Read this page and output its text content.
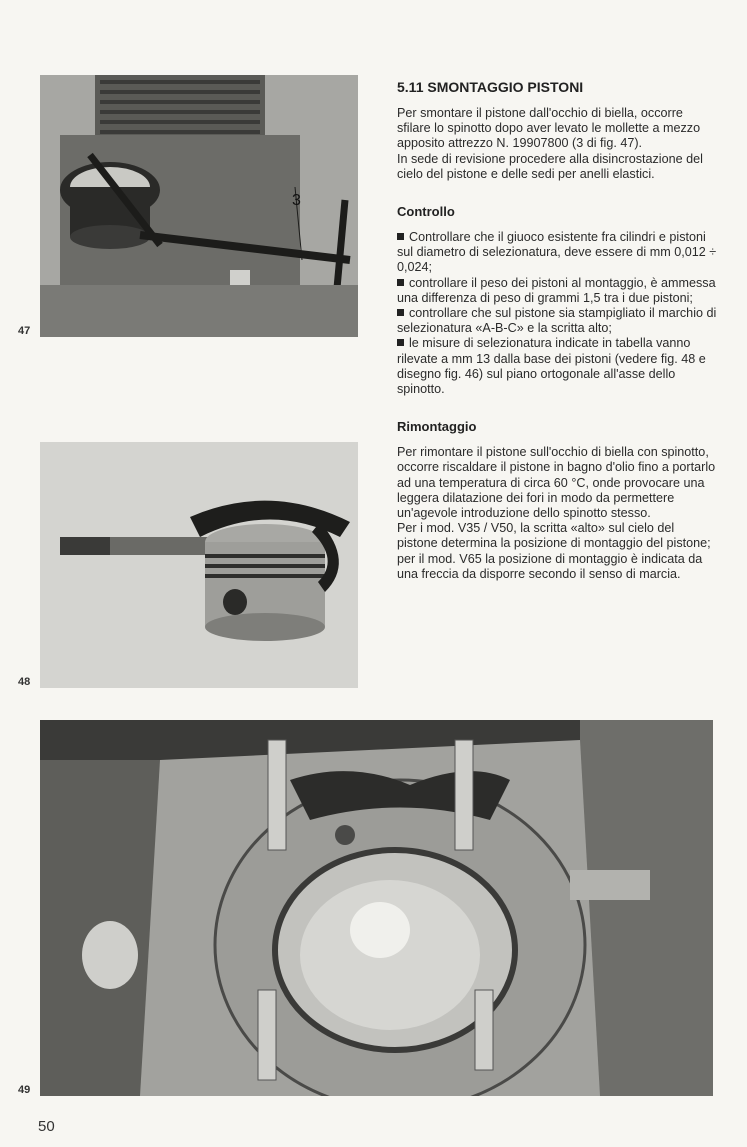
3
47
48
49
5.11 SMONTAGGIO PISTONI

Per smontare il pistone dall'occhio di biella, occorre sfilare lo spinotto dopo aver levato le mollette a mezzo apposito attrezzo N. 19907800 (3 di fig. 47).

In sede di revisione procedere alla disincrostazione del cielo del pistone e delle sedi per anelli elastici.

Controllo

Controllare che il giuoco esistente fra cilindri e pistoni sul diametro di selezionatura, deve essere di mm 0,012 ÷ 0,024;

controllare il peso dei pistoni al montaggio, è ammessa una differenza di peso di grammi 1,5 tra i due pistoni;

controllare che sul pistone sia stampigliato il marchio di selezionatura «A-B-C» e la scritta alto;

le misure di selezionatura indicate in tabella vanno rilevate a mm 13 dalla base dei pistoni (vedere fig. 48 e disegno fig. 46) sul piano ortogonale all'asse dello spinotto.

Rimontaggio

Per rimontare il pistone sull'occhio di biella con spinotto, occorre riscaldare il pistone in bagno d'olio fino a portarlo ad una temperatura di circa 60 °C, onde provocare una leggera dilatazione dei fori in modo da permettere un'agevole introduzione dello spinotto stesso.

Per i mod. V35 / V50, la scritta «alto» sul cielo del pistone determina la posizione di montaggio del pistone; per il mod. V65 la posizione di montaggio è indicata da una freccia da disporre secondo il senso di marcia.

50
